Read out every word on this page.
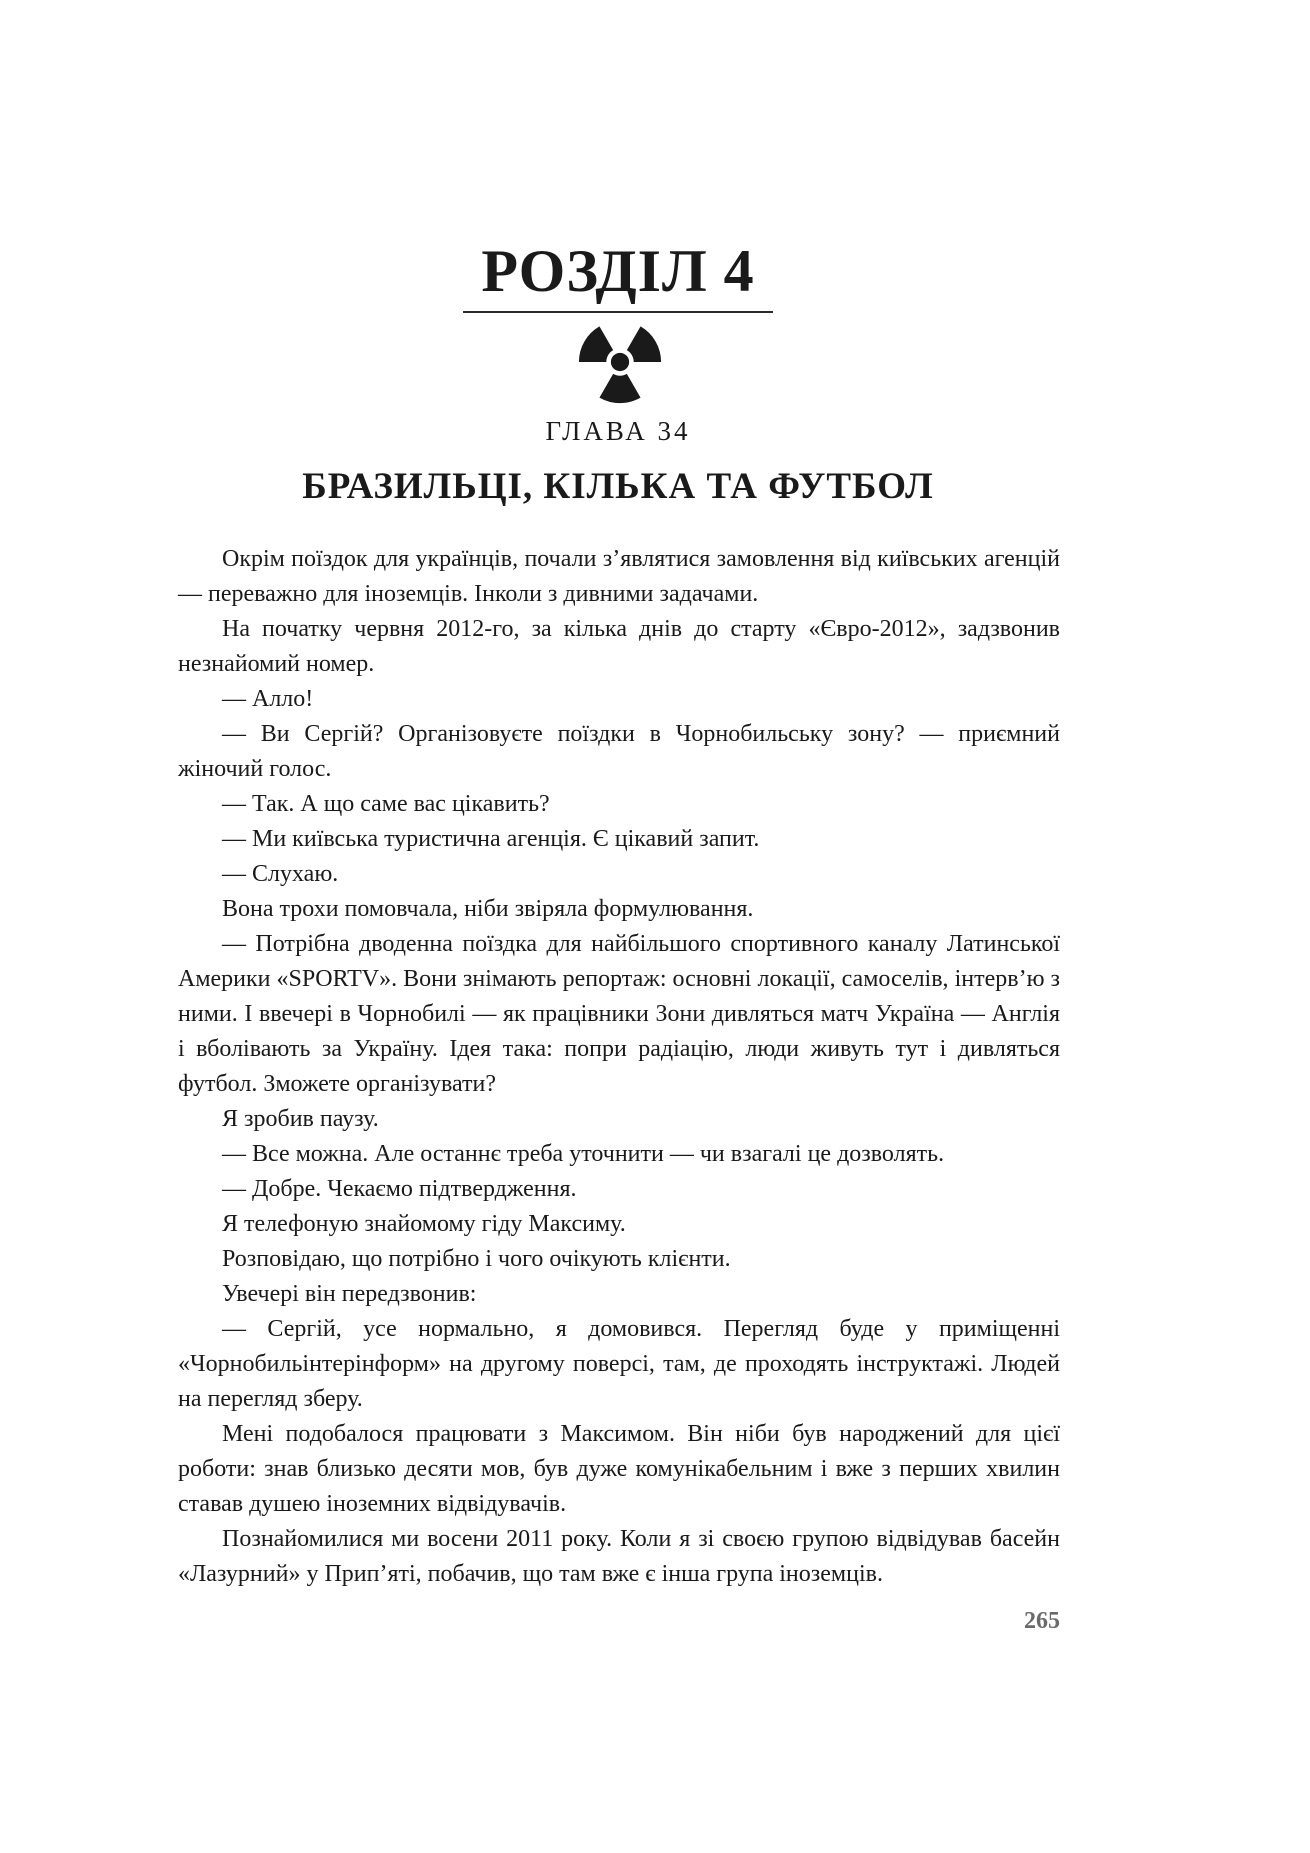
РОЗДІЛ 4
ГЛАВА 34
БРАЗИЛЬЦІ, КІЛЬКА ТА ФУТБОЛ

Окрім поїздок для українців, почали з’являтися замовлення від київських агенцій — переважно для іноземців. Інколи з дивними задачами.

На початку червня 2012-го, за кілька днів до старту «Євро-2012», задзвонив незнайомий номер.

— Алло!

— Ви Сергій? Організовуєте поїздки в Чорнобильську зону? — приємний жіночий голос.

— Так. А що саме вас цікавить?

— Ми київська туристична агенція. Є цікавий запит.

— Слухаю.

Вона трохи помовчала, ніби звіряла формулювання.

— Потрібна дводенна поїздка для найбільшого спортивного каналу Латинської Америки «SPORTV». Вони знімають репортаж: основні локації, самоселів, інтерв’ю з ними. І ввечері в Чорнобилі — як працівники Зони дивляться матч Україна — Англія і вболівають за Україну. Ідея така: попри радіацію, люди живуть тут і дивляться футбол. Зможете організувати?

Я зробив паузу.

— Все можна. Але останнє треба уточнити — чи взагалі це дозволять.

— Добре. Чекаємо підтвердження.

Я телефоную знайомому гіду Максиму.

Розповідаю, що потрібно і чого очікують клієнти.

Увечері він передзвонив:

— Сергій, усе нормально, я домовився. Перегляд буде у приміщенні «Чорнобильінтерінформ» на другому поверсі, там, де проходять інструктажі. Людей на перегляд зберу.

Мені подобалося працювати з Максимом. Він ніби був народжений для цієї роботи: знав близько десяти мов, був дуже комунікабельним і вже з перших хвилин ставав душею іноземних відвідувачів.

Познайомилися ми восени 2011 року. Коли я зі своєю групою відвідував басейн «Лазурний» у Прип’яті, побачив, що там вже є інша група іноземців.

265
